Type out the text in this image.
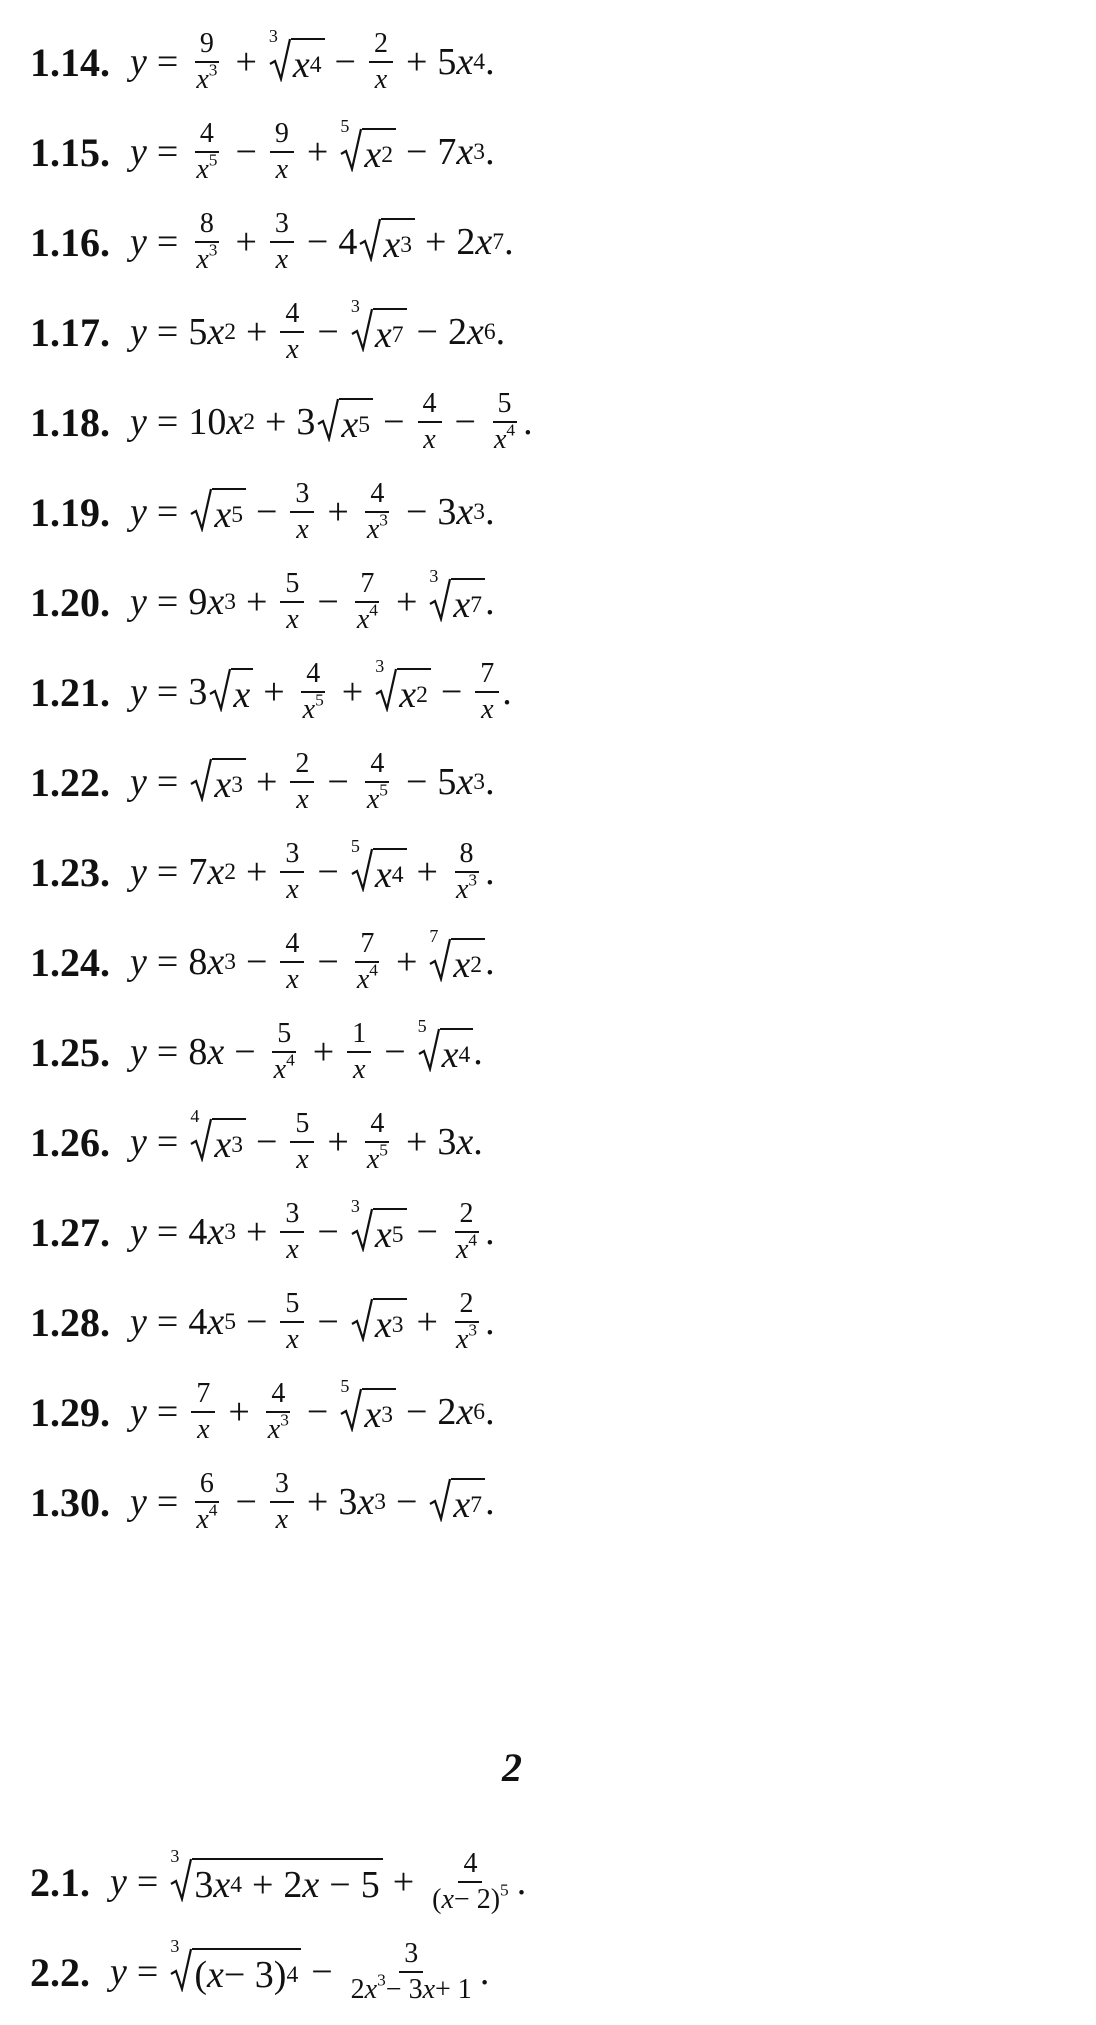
2
1.14. $y = \frac{9}{x^3}$ +
3
x $4 - \frac{2}{x} + 5$ x 4 .
1.15. $y = \frac{4}{x^5} - \frac{9}{x}$ +
5
x 2 − 7 x 3 .
1.16. $y = \frac{8}{x^3} + \frac{3}{x} - 4$ x 3 + 2 x 7 .
1.17. y = 5 x $2 + \frac{4}{x}$ −
3
x 7 − 2 x 6 .
1.18. y = 10 x 2 + 3 x $5 - \frac{4}{x} - \frac{5}{x^4}$ .
1.19. y = x $5 - \frac{3}{x} + \frac{4}{x^3} - 3$ x 3 .
1.20. y = 9 x $3 + \frac{5}{x} - \frac{7}{x^4}$ +
3
x 7 .
1.21. y = 3 $x + \frac{4}{x^5}$ +
3
x $2 - \frac{7}{x}$ .
1.22. y = x $3 + \frac{2}{x} - \frac{4}{x^5} - 5$ x 3 .
1.23. y = 7 x $2 + \frac{3}{x}$ −
5
x $4 + \frac{8}{x^3}$ .
1.24. y = 8 x $3 - \frac{4}{x} - \frac{7}{x^4}$ +
7
x 2 .
1.25. y = 8 $x - \frac{5}{x^4} + \frac{1}{x}$ −
5
x 4 .
1.26. y =
4
x $3 - \frac{5}{x} + \frac{4}{x^5} + 3$ x .
1.27. y = 4 x $3 + \frac{3}{x}$ −
3
x $5 - \frac{2}{x^4}$ .
1.28. y = 4 x $5 - \frac{5}{x} - x$ $3 + \frac{2}{x^3}$ .
1.29. $y = \frac{7}{x} + \frac{4}{x^3}$ −
5
x 3 − 2 x 6 .
1.30. $y = \frac{6}{x^4} - \frac{3}{x} + 3$ x 3 − x 7 .
2.1. y =
3
3 x 4 + 2 $x - 5 + \frac{4}{(x- 2)^5}$ .
2.2. y =
3
( x − 3) $4 - \frac{3}{2x^3- 3x+ 1}$ .
